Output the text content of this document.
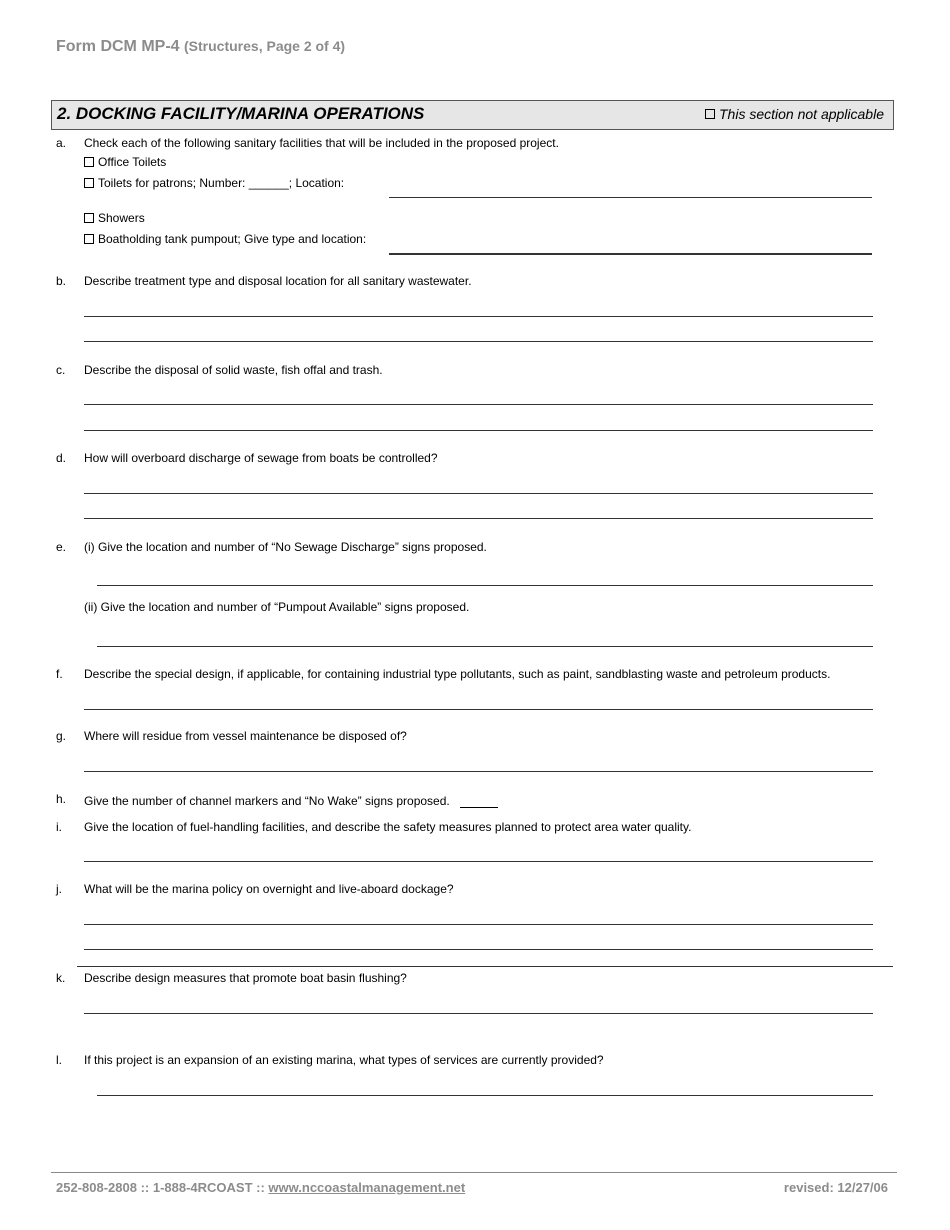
Form DCM MP-4 (Structures, Page 2 of 4)
2. DOCKING FACILITY/MARINA OPERATIONS	This section not applicable
a. Check each of the following sanitary facilities that will be included in the proposed project.
Office Toilets
Toilets for patrons; Number: ______; Location:
Showers
Boatholding tank pumpout; Give type and location:
b. Describe treatment type and disposal location for all sanitary wastewater.
c. Describe the disposal of solid waste, fish offal and trash.
d. How will overboard discharge of sewage from boats be controlled?
e. (i) Give the location and number of “No Sewage Discharge” signs proposed.
(ii) Give the location and number of “Pumpout Available” signs proposed.
f. Describe the special design, if applicable, for containing industrial type pollutants, such as paint, sandblasting waste and petroleum products.
g. Where will residue from vessel maintenance be disposed of?
h. Give the number of channel markers and “No Wake” signs proposed.
i. Give the location of fuel-handling facilities, and describe the safety measures planned to protect area water quality.
j. What will be the marina policy on overnight and live-aboard dockage?
k. Describe design measures that promote boat basin flushing?
l. If this project is an expansion of an existing marina, what types of services are currently provided?
252-808-2808 :: 1-888-4RCOAST :: www.nccoastalmanagement.net	revised: 12/27/06
